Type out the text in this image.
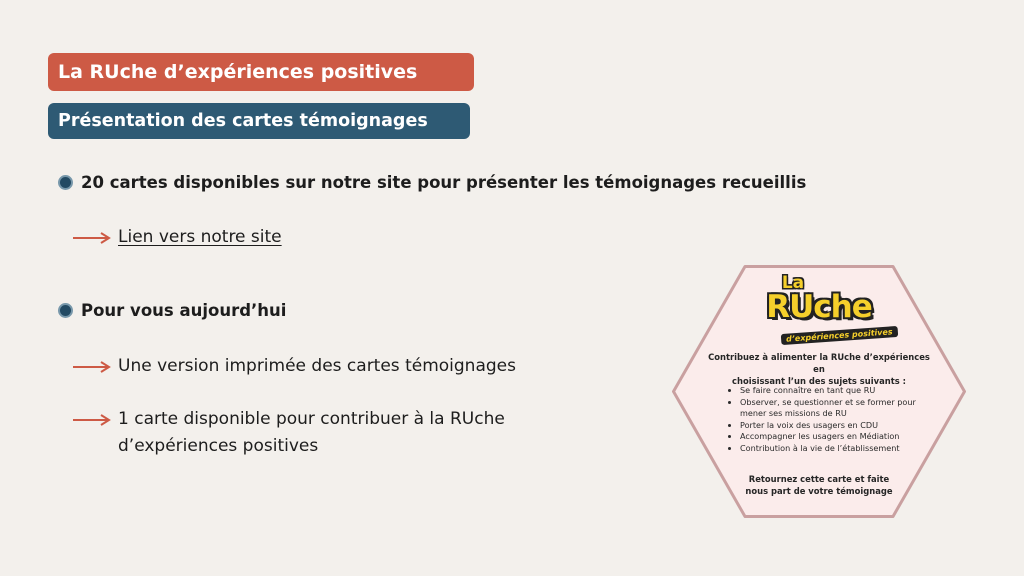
La RUche d’expériences positives
Présentation des cartes témoignages
20 cartes disponibles sur notre site pour présenter les témoignages recueillis
Lien vers notre site
Pour vous aujourd’hui
Une version imprimée des cartes témoignages
1 carte disponible pour contribuer à la RUche
d’expériences positives
La
RUche
d’expériences positives
Contribuez à alimenter la RUche d’expériences en
choisissant l’un des sujets suivants :
• Se faire connaître en tant que RU
• Observer, se questionner et se former pour
mener ses missions de RU
• Porter la voix des usagers en CDU
• Accompagner les usagers en Médiation
• Contribution à la vie de l’établissement
Retournez cette carte et faite
nous part de votre témoignage
